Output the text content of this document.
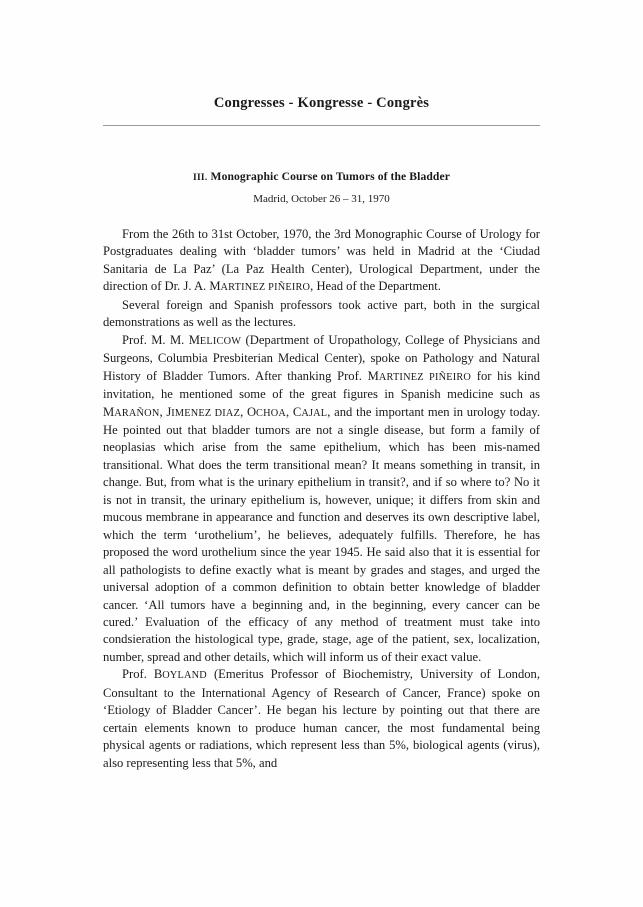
Congresses - Kongresse - Congrès
III. Monographic Course on Tumors of the Bladder
Madrid, October 26 – 31, 1970

From the 26th to 31st October, 1970, the 3rd Monographic Course of Urology for Postgraduates dealing with ‘bladder tumors’ was held in Madrid at the ‘Ciudad Sanitaria de La Paz’ (La Paz Health Center), Urological Department, under the direction of Dr. J. A. MARTINEZ PIÑEIRO, Head of the Department.

Several foreign and Spanish professors took active part, both in the surgical demonstrations as well as the lectures.

Prof. M. M. MELICOW (Department of Uropathology, College of Physicians and Surgeons, Columbia Presbiterian Medical Center), spoke on Pathology and Natural History of Bladder Tumors. After thanking Prof. MARTINEZ PIÑEIRO for his kind invitation, he mentioned some of the great figures in Spanish medicine such as MARAÑON, JIMENEZ DIAZ, OCHOA, CAJAL, and the important men in urology today. He pointed out that bladder tumors are not a single disease, but form a family of neoplasias which arise from the same epithelium, which has been mis-named transitional. What does the term transitional mean? It means something in transit, in change. But, from what is the urinary epithelium in transit?, and if so where to? No it is not in transit, the urinary epithelium is, however, unique; it differs from skin and mucous membrane in appearance and function and deserves its own descriptive label, which the term ‘urothelium’, he believes, adequately fulfills. Therefore, he has proposed the word urothelium since the year 1945. He said also that it is essential for all pathologists to define exactly what is meant by grades and stages, and urged the universal adoption of a common definition to obtain better knowledge of bladder cancer. ‘All tumors have a beginning and, in the beginning, every cancer can be cured.’ Evaluation of the efficacy of any method of treatment must take into condsieration the histological type, grade, stage, age of the patient, sex, localization, number, spread and other details, which will inform us of their exact value.

Prof. BOYLAND (Emeritus Professor of Biochemistry, University of London, Consultant to the International Agency of Research of Cancer, France) spoke on ‘Etiology of Bladder Cancer’. He began his lecture by pointing out that there are certain elements known to produce human cancer, the most fundamental being physical agents or radiations, which represent less than 5%, biological agents (virus), also representing less that 5%, and
